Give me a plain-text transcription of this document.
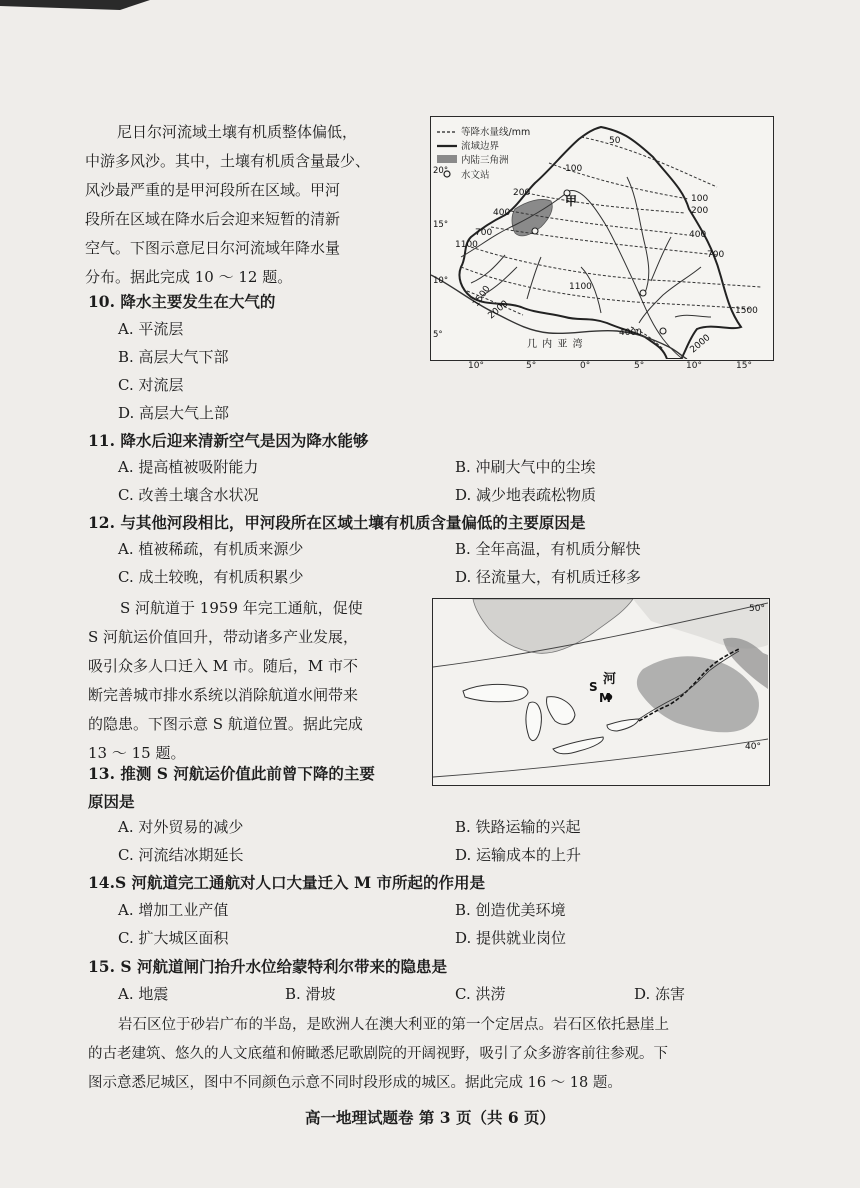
尼日尔河流域土壤有机质整体偏低，
中游多风沙。其中，土壤有机质含量最少、
风沙最严重的是甲河段所在区域。甲河
段所在区域在降水后会迎来短暂的清新
空气。下图示意尼日尔河流域年降水量
分布。据此完成 10 ～ 12 题。
等降水量线/mm
流域边界
内陆三角洲
水文站
50
100
200
400
700
1100
1500
2000
4000
100
200
400
700
1100
1500
2000
甲
几 内 亚 湾
20°
15°
10°
5°
10°	5°	0°	5°	10°	15°
10. 降水主要发生在大气的
A. 平流层
B. 高层大气下部
C. 对流层
D. 高层大气上部
11. 降水后迎来清新空气是因为降水能够
A. 提高植被吸附能力	B. 冲刷大气中的尘埃
C. 改善土壤含水状况	D. 减少地表疏松物质
12. 与其他河段相比，甲河段所在区域土壤有机质含量偏低的主要原因是
A. 植被稀疏，有机质来源少	B. 全年高温，有机质分解快
C. 成土较晚，有机质积累少	D. 径流量大，有机质迁移多
S 河航道于 1959 年完工通航，促使
S 河航运价值回升，带动诸多产业发展，
吸引众多人口迁入 M 市。随后，M 市不
断完善城市排水系统以消除航道水闸带来
的隐患。下图示意 S 航道位置。据此完成
13 ～ 15 题。
S
M
河
50°
40°
13. 推测 S 河航运价值此前曾下降的主要
原因是
A. 对外贸易的减少	B. 铁路运输的兴起
C. 河流结冰期延长	D. 运输成本的上升
14.S 河航道完工通航对人口大量迁入 M 市所起的作用是
A. 增加工业产值	B. 创造优美环境
C. 扩大城区面积	D. 提供就业岗位
15. S 河航道闸门抬升水位给蒙特利尔带来的隐患是
A. 地震	B. 滑坡	C. 洪涝	D. 冻害
岩石区位于砂岩广布的半岛，是欧洲人在澳大利亚的第一个定居点。岩石区依托悬崖上
的古老建筑、悠久的人文底蕴和俯瞰悉尼歌剧院的开阔视野，吸引了众多游客前往参观。下
图示意悉尼城区，图中不同颜色示意不同时段形成的城区。据此完成 16 ～ 18 题。
高一地理试题卷 第 3 页（共 6 页）
